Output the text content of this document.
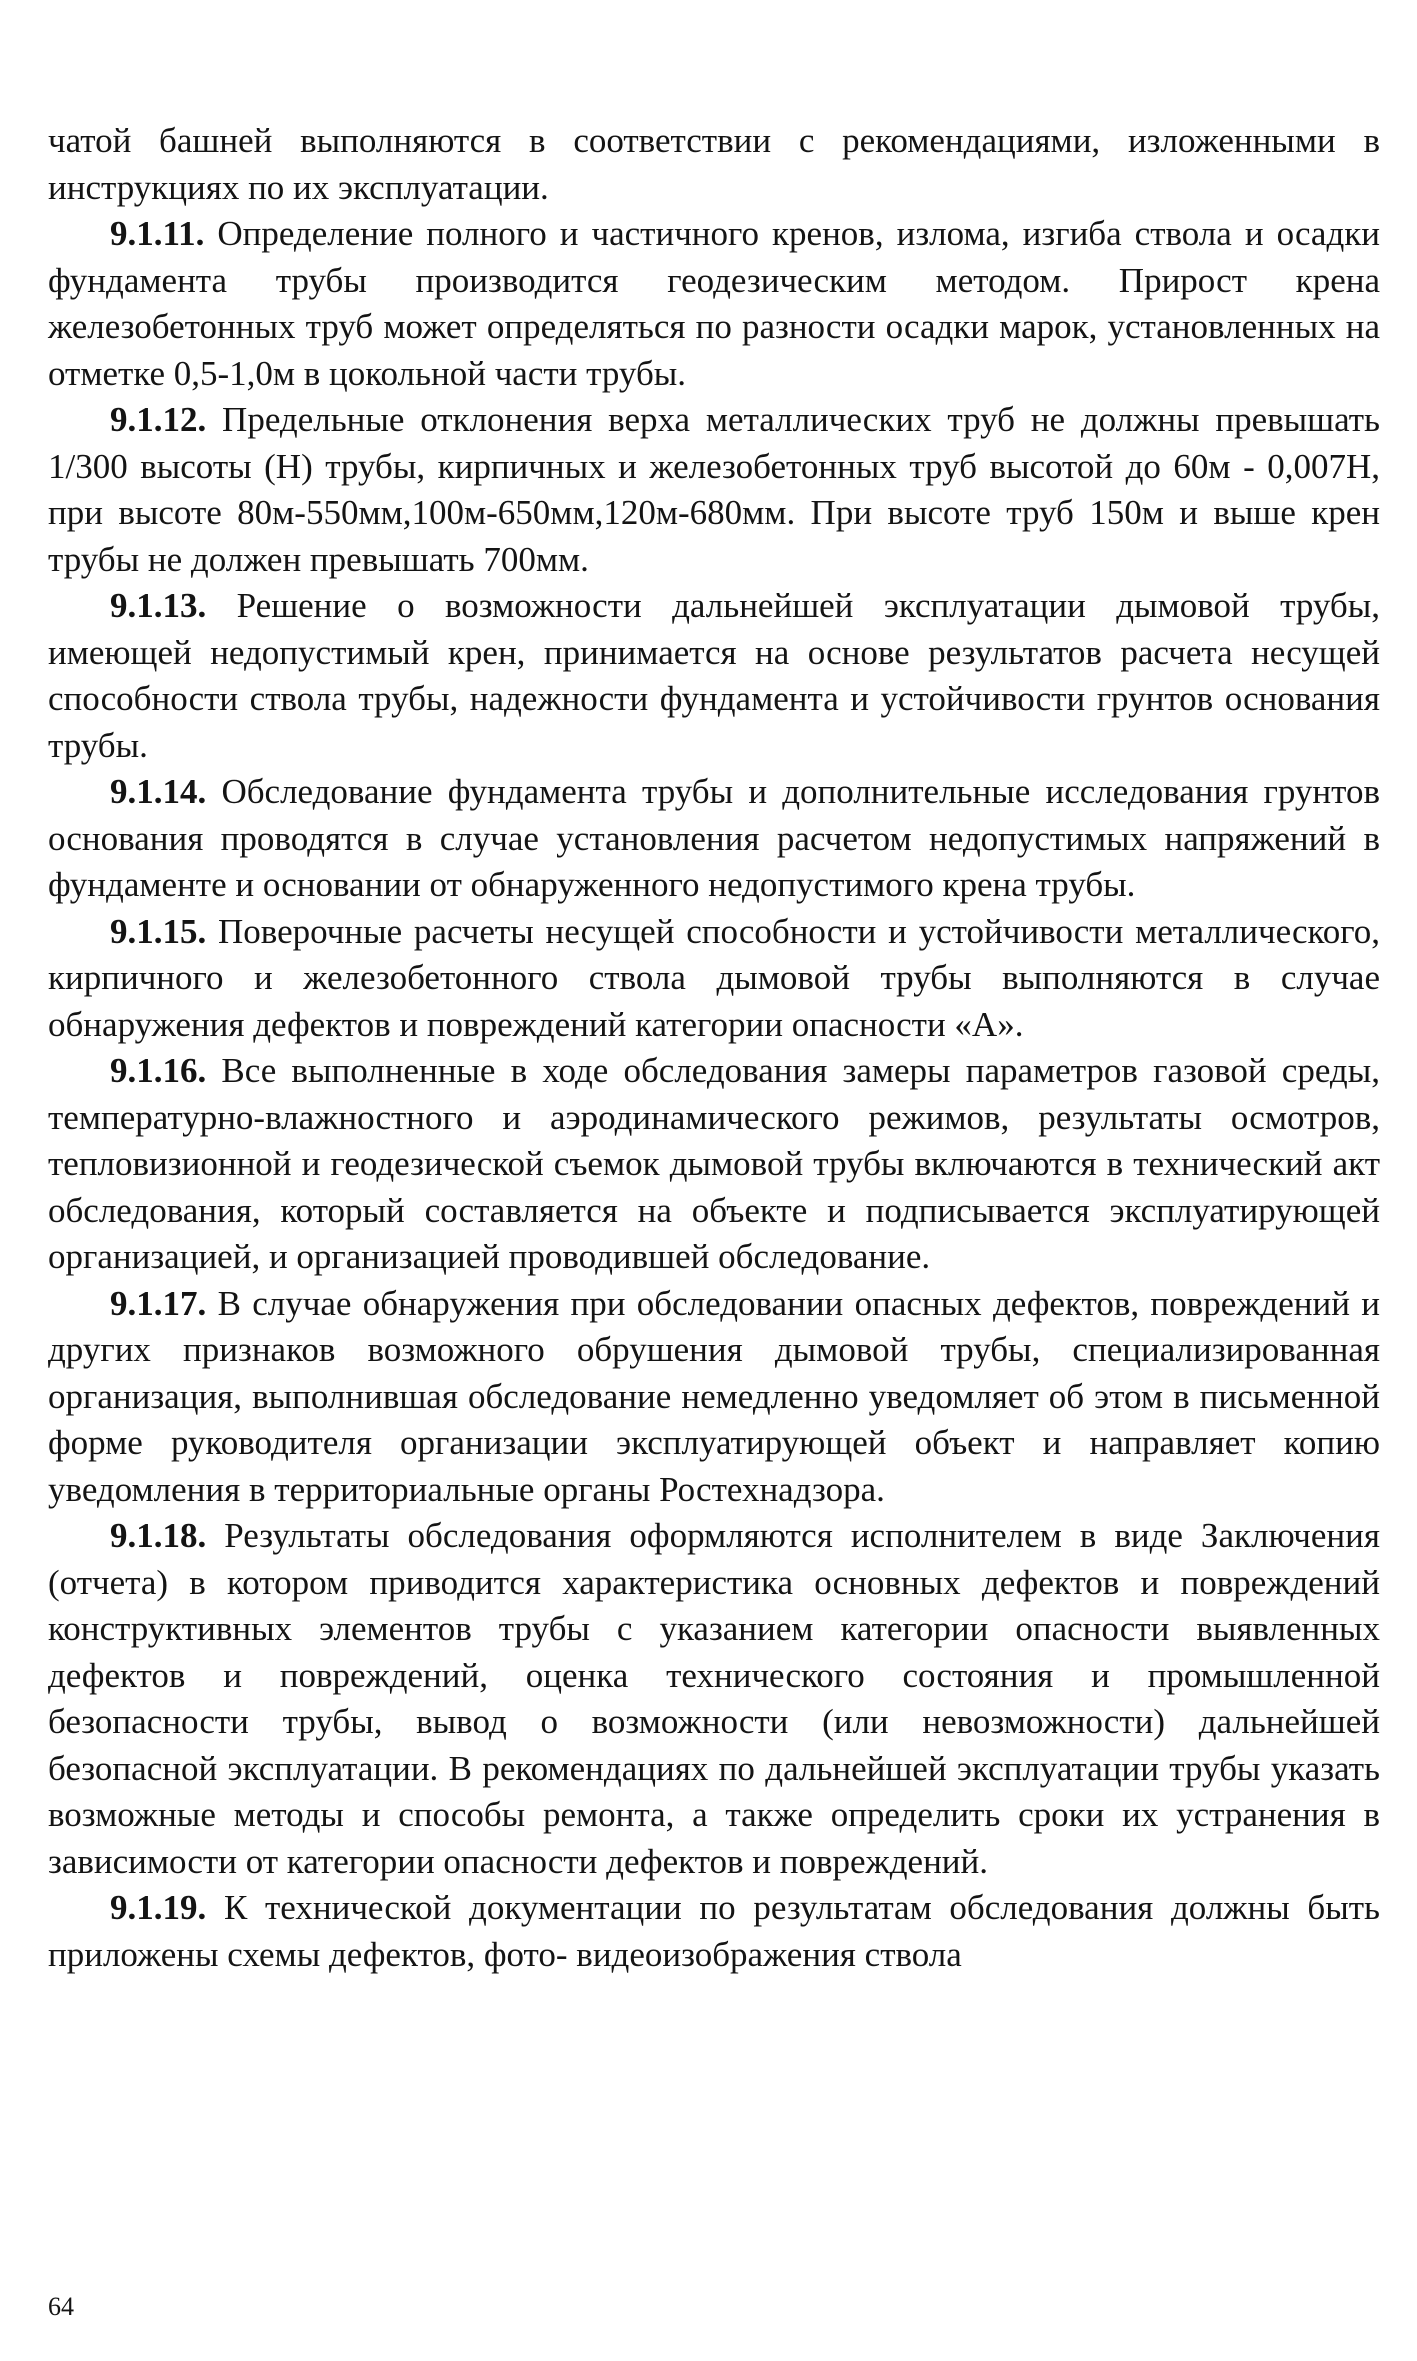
чатой башней выполняются в соответствии с рекомендациями, изложенными в инструкциях по их эксплуатации.

9.1.11. Определение полного и частичного кренов, излома, изгиба ствола и осадки фундамента трубы производится геодезическим методом. Прирост крена железобетонных труб может определяться по разности осадки марок, установленных на отметке 0,5-1,0м в цокольной части трубы.

9.1.12. Предельные отклонения верха металлических труб не должны превышать 1/300 высоты (Н) трубы, кирпичных и железобетонных труб высотой до 60м - 0,007Н, при высоте 80м-550мм,100м-650мм,120м-680мм. При высоте труб 150м и выше крен трубы не должен превышать 700мм.

9.1.13. Решение о возможности дальнейшей эксплуатации дымовой трубы, имеющей недопустимый крен, принимается на основе результатов расчета несущей способности ствола трубы, надежности фундамента и устойчивости грунтов основания трубы.

9.1.14. Обследование фундамента трубы и дополнительные исследования грунтов основания проводятся в случае установления расчетом недопустимых напряжений в фундаменте и основании от обнаруженного недопустимого крена трубы.

9.1.15. Поверочные расчеты несущей способности и устойчивости металлического, кирпичного и железобетонного ствола дымовой трубы выполняются в случае обнаружения дефектов и повреждений категории опасности «А».

9.1.16. Все выполненные в ходе обследования замеры параметров газовой среды, температурно-влажностного и аэродинамического режимов, результаты осмотров, тепловизионной и геодезической съемок дымовой трубы включаются в технический акт обследования, который составляется на объекте и подписывается эксплуатирующей организацией, и организацией проводившей обследование.

9.1.17. В случае обнаружения при обследовании опасных дефектов, повреждений и других признаков возможного обрушения дымовой трубы, специализированная организация, выполнившая обследование немедленно уведомляет об этом в письменной форме руководителя организации эксплуатирующей объект и направляет копию уведомления в территориальные органы Ростехнадзора.

9.1.18. Результаты обследования оформляются исполнителем в виде Заключения (отчета) в котором приводится характеристика основных дефектов и повреждений конструктивных элементов трубы с указанием категории опасности выявленных дефектов и повреждений, оценка технического состояния и промышленной безопасности трубы, вывод о возможности (или невозможности) дальнейшей безопасной эксплуатации. В рекомендациях по дальнейшей эксплуатации трубы указать возможные методы и способы ремонта, а также определить сроки их устранения в зависимости от категории опасности дефектов и повреждений.

9.1.19. К технической документации по результатам обследования должны быть приложены схемы дефектов, фото- видеоизображения ствола

64
